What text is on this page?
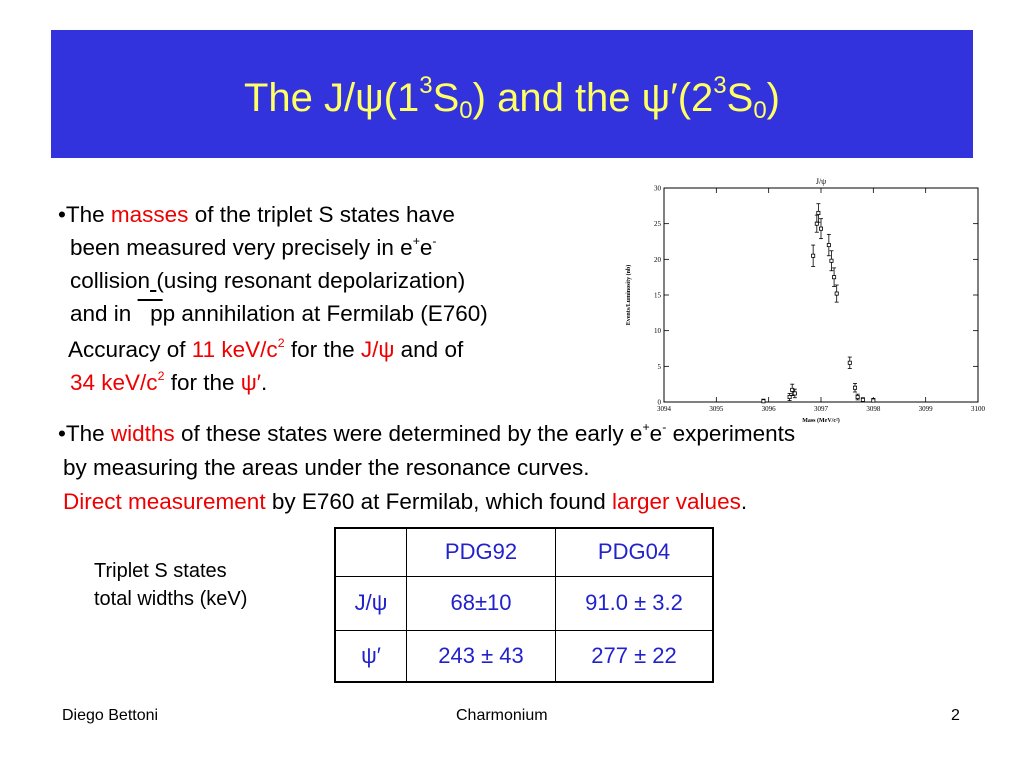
The $J/\psi(1^3S_0)$ and the $\psi'(2^3S_0)$
•The masses of the triplet S states have
been measured very precisely in e+e-
collision (using resonant depolarization)
and in   pp annihilation at Fermilab (E760)
Accuracy of 11 keV/$c^2$ for the J/ψ and of
34 keV/$c^2$ for the ψ′.
J/ψ
Mass (MeV/c²)
Events/Luminosity (nb)
3094	3095	3096	3097	3098	3099	3100
0
5
10
15
20
25
30
•The widths of these states were determined by the early e+e- experiments
by measuring the areas under the resonance curves.
Direct measurement by E760 at Fermilab, which found larger values.
Triplet S states
total widths (keV)
	PDG92	PDG04
J/ψ	68±10	91.0 ± 3.2
ψ′	243 ± 43	277 ± 22
Diego Bettoni	Charmonium	2
